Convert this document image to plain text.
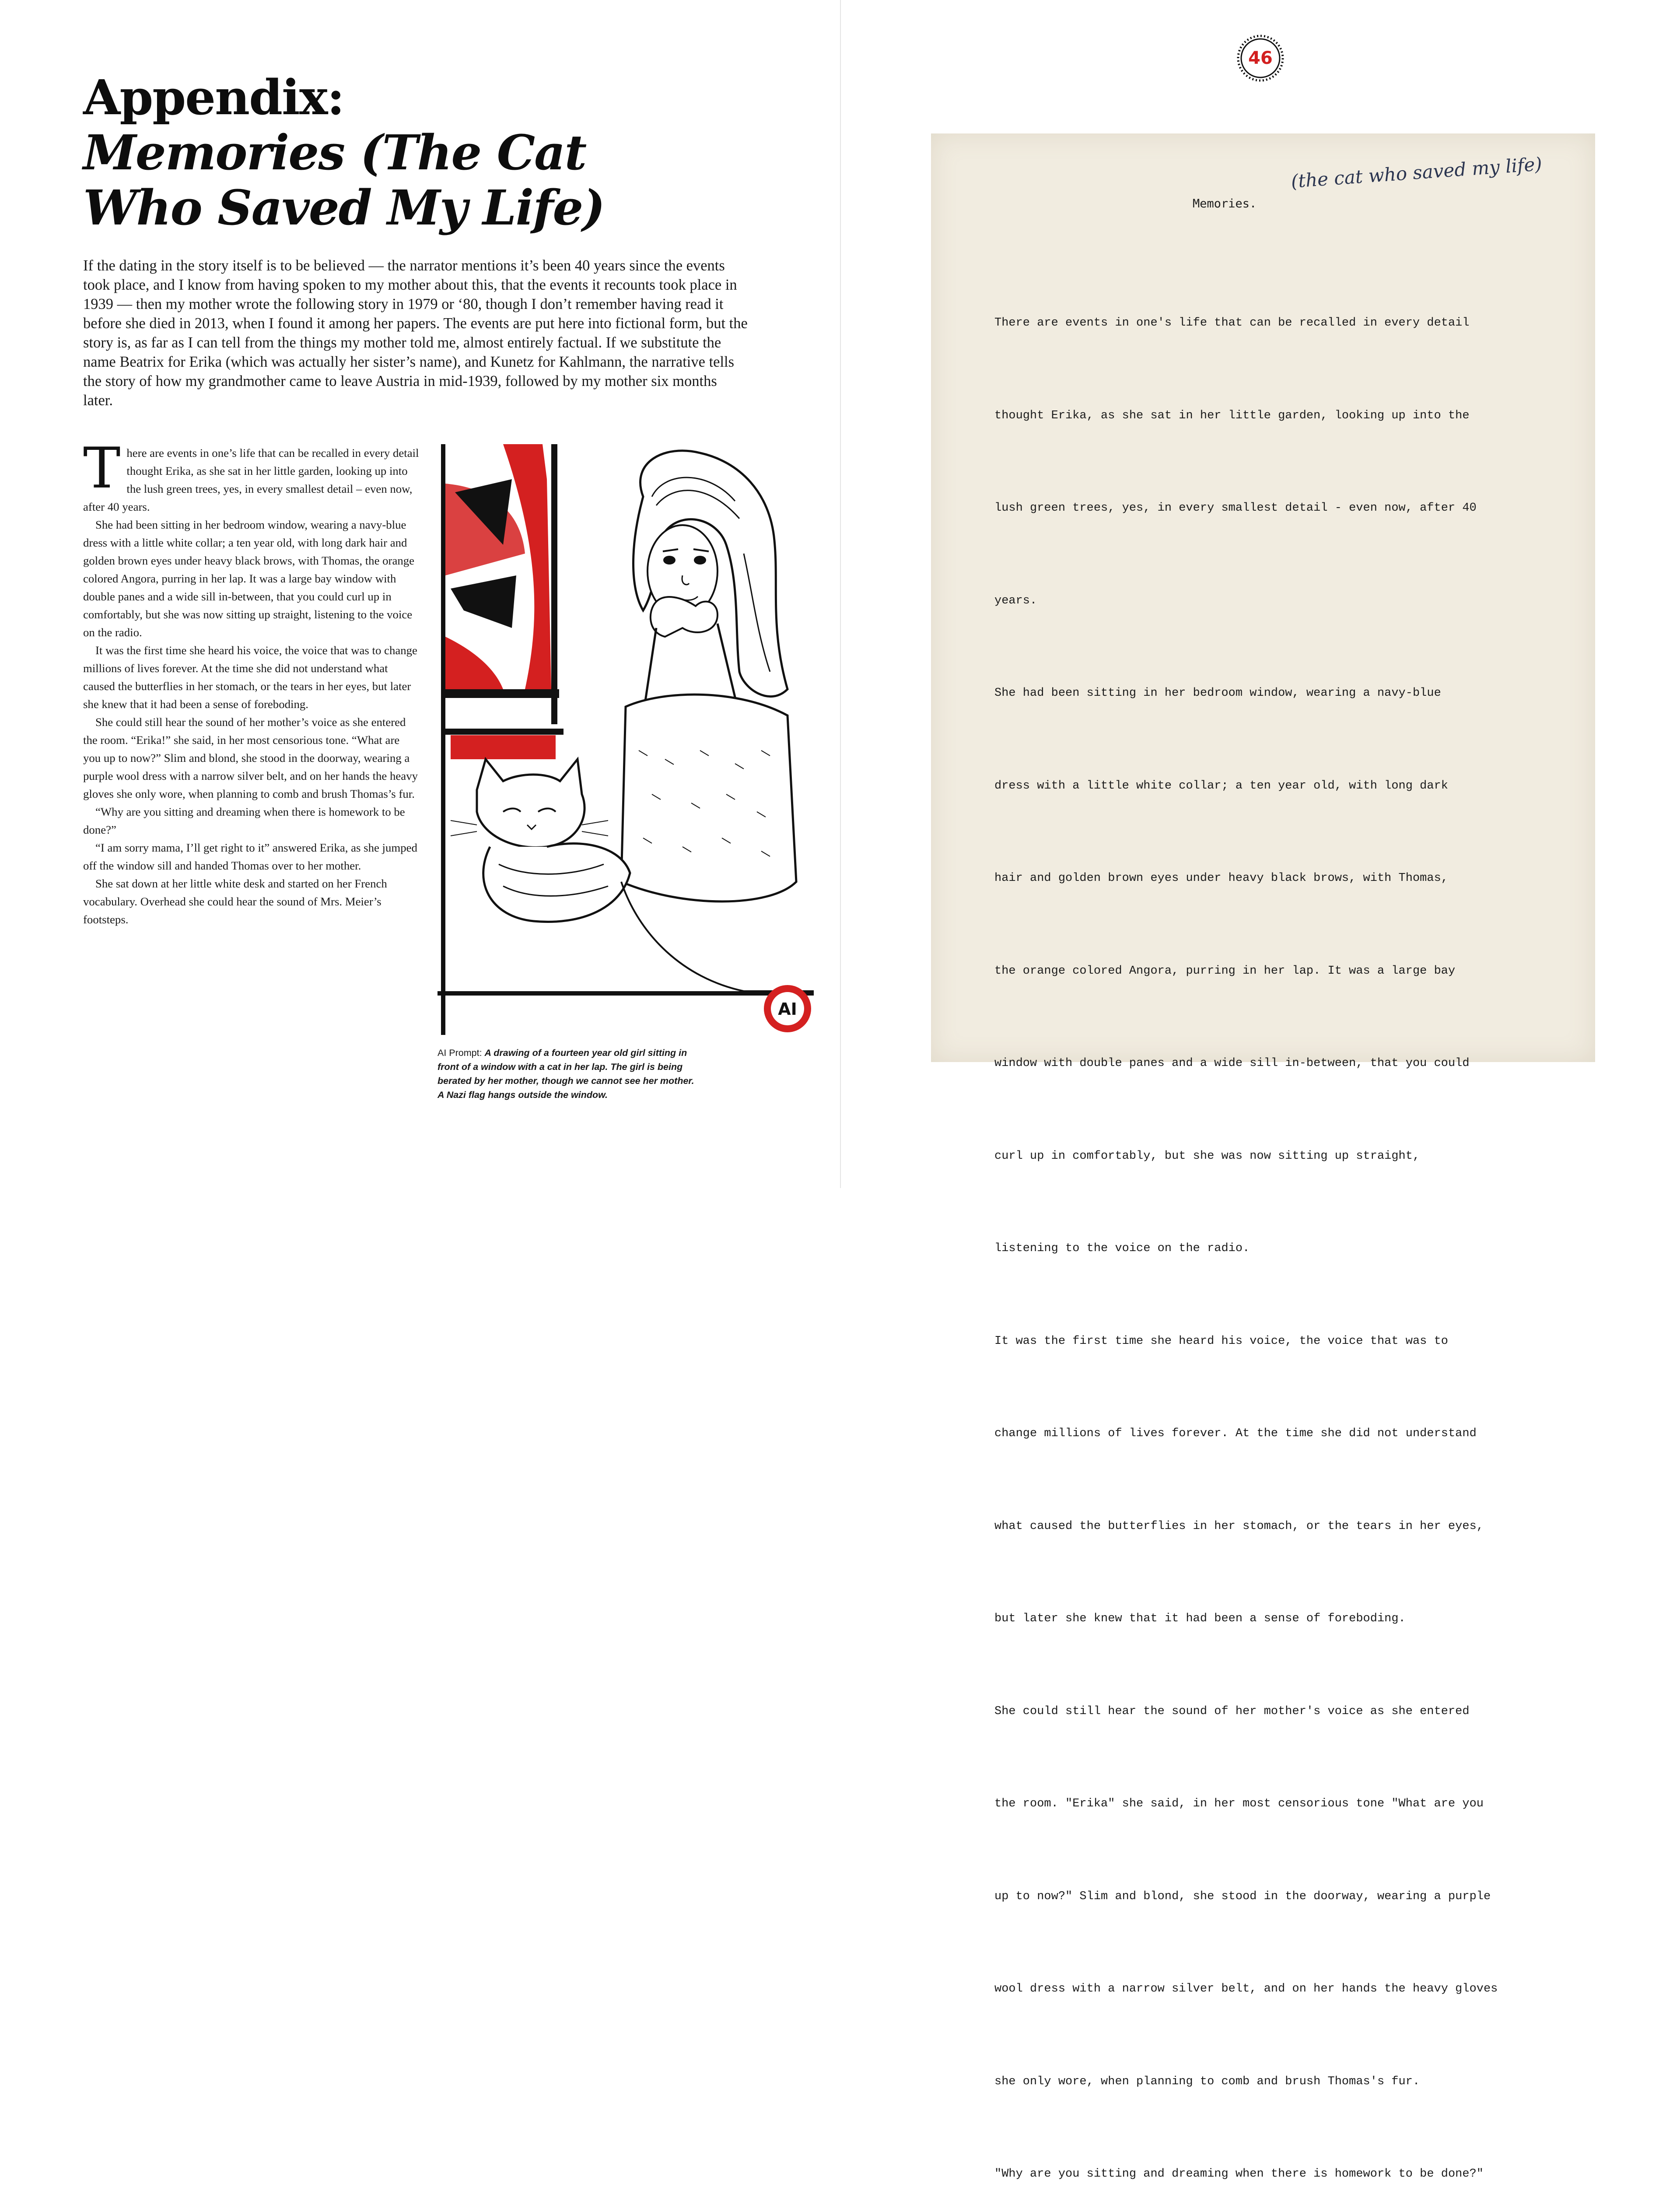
Appendix:
Memories (The Cat
Who Saved My Life)

If the dating in the story itself is to be believed — the narrator mentions it’s been 40 years since the events took place, and I know from having spoken to my mother about this, that the events it recounts took place in 1939 — then my mother wrote the following story in 1979 or ‘80, though I don’t remember having read it before she died in 2013, when I found it among her papers. The events are put here into fictional form, but the story is, as far as I can tell from the things my mother told me, almost entirely factual. If we substitute the name Beatrix for Erika (which was actually her sister’s name), and Kunetz for Kahlmann, the narrative tells the story of how my grandmother came to leave Austria in mid-1939, followed by my mother six months later.

There are events in one’s life that can be recalled in every detail thought Erika, as she sat in her little garden, looking up into the lush green trees, yes, in every smallest detail – even now, after 40 years.

She had been sitting in her bedroom window, wearing a navy-blue dress with a little white collar; a ten year old, with long dark hair and golden brown eyes under heavy black brows, with Thomas, the orange colored Angora, purring in her lap. It was a large bay window with double panes and a wide sill in-between, that you could curl up in comfortably, but she was now sitting up straight, listening to the voice on the radio.

It was the first time she heard his voice, the voice that was to change millions of lives forever. At the time she did not understand what caused the butterflies in her stomach, or the tears in her eyes, but later she knew that it had been a sense of foreboding.

She could still hear the sound of her mother’s voice as she entered the room. “Erika!” she said, in her most censorious tone. “What are you up to now?” Slim and blond, she stood in the doorway, wearing a purple wool dress with a narrow silver belt, and on her hands the heavy gloves she only wore, when planning to comb and brush Thomas’s fur.

“Why are you sitting and dreaming when there is homework to be done?”

“I am sorry mama, I’ll get right to it” answered Erika, as she jumped off the window sill and handed Thomas over to her mother.

She sat down at her little white desk and started on her French vocabulary. Overhead she could hear the sound of Mrs. Meier’s footsteps.

AI

AI Prompt: A drawing of a fourteen year old girl sitting in front of a window with a cat in her lap. The girl is being berated by her mother, though we cannot see her mother. A Nazi flag hangs outside the window.

46

Memories.

(the cat who saved my life)

There are events in one's life that can be recalled in every detail

thought Erika, as she sat in her little garden, looking up into the

lush green trees, yes, in every smallest detail - even now, after 40

years.

She had been sitting in her bedroom window, wearing a navy-blue

dress with a little white collar; a ten year old, with long dark

hair and golden brown eyes under heavy black brows, with Thomas,

the orange colored Angora, purring in her lap. It was a large bay

window with double panes and a wide sill in-between, that you could

curl up in comfortably, but she was now sitting up straight,

listening to the voice on the radio.

It was the first time she heard his voice, the voice that was to

change millions of lives forever. At the time she did not understand

what caused the butterflies in her stomach, or the tears in her eyes,

but later she knew that it had been a sense of foreboding.

She could still hear the sound of her mother's voice as she entered

the room. "Erika" she said, in her most censorious tone "What are you

up to now?" Slim and blond, she stood in the doorway, wearing a purple

wool dress with a narrow silver belt, and on her hands the heavy gloves

she only wore, when planning to comb and brush Thomas's fur.

"Why are you sitting and dreaming when there is homework to be done?"
